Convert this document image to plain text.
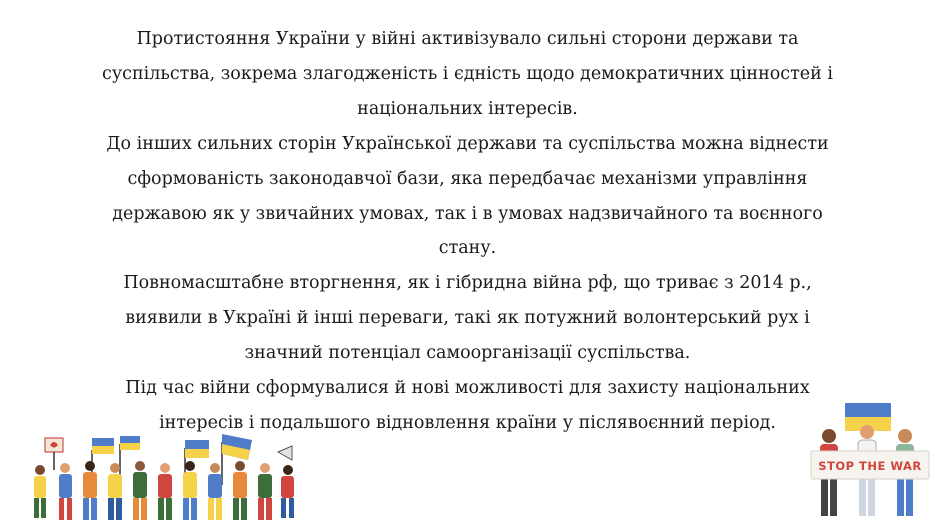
Протистояння України у війні активізувало сильні сторони держави та суспільства, зокрема злагодженість і єдність щодо демократичних цінностей і національних інтересів.

До інших сильних сторін Української держави та суспільства можна віднести сформованість законодавчої бази, яка передбачає механізми управління державою як у звичайних умовах, так і в умовах надзвичайного та воєнного стану.

Повномасштабне вторгнення, як і гібридна війна рф, що триває з 2014 р., виявили в Україні й інші переваги, такі як потужний волонтерський рух і значний потенціал самоорганізації суспільства.

Під час війни сформувалися й нові можливості для захисту національних інтересів і подальшого відновлення країни у післявоєнний період.

STOP THE WAR
